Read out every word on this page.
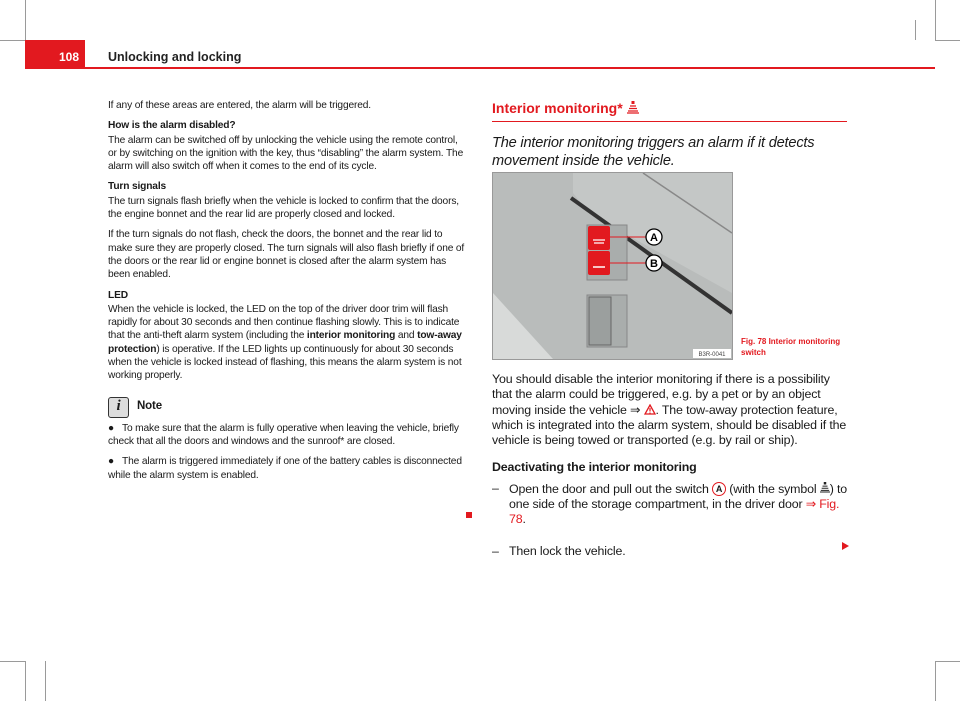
108	Unlocking and locking

If any of these areas are entered, the alarm will be triggered.

How is the alarm disabled?

The alarm can be switched off by unlocking the vehicle using the remote control, or by switching on the ignition with the key, thus “disabling” the alarm system. The alarm will also switch off when it comes to the end of its cycle.

Turn signals

The turn signals flash briefly when the vehicle is locked to confirm that the doors, the engine bonnet and the rear lid are properly closed and locked.

If the turn signals do not flash, check the doors, the bonnet and the rear lid to make sure they are properly closed. The turn signals will also flash briefly if one of the doors or the rear lid or engine bonnet is closed after the alarm system has been enabled.

LED

When the vehicle is locked, the LED on the top of the driver door trim will flash rapidly for about 30 seconds and then continue flashing slowly. This is to indicate that the anti-theft alarm system (including the interior monitoring and tow-away protection) is operative. If the LED lights up continuously for about 30 seconds when the vehicle is locked instead of flashing, this means the alarm system is not working properly.

i	Note

●   To make sure that the alarm is fully operative when leaving the vehicle, briefly check that all the doors and windows and the sunroof* are closed.

●   The alarm is triggered immediately if one of the battery cables is disconnected while the alarm system is enabled.

Interior monitoring*

The interior monitoring triggers an alarm if it detects movement inside the vehicle.

A
B
B3R-0041
Fig. 78 Interior monitoring switch

You should disable the interior monitoring if there is a possibility that the alarm could be triggered, e.g. by a pet or by an object moving inside the vehicle ⇒ . The tow-away protection feature, which is integrated into the alarm system, should be disabled if the vehicle is being towed or transported (e.g. by rail or ship).

Deactivating the interior monitoring
– Open the door and pull out the switch A (with the symbol ) to one side of the storage compartment, in the driver door ⇒ Fig. 78.
– Then lock the vehicle.
